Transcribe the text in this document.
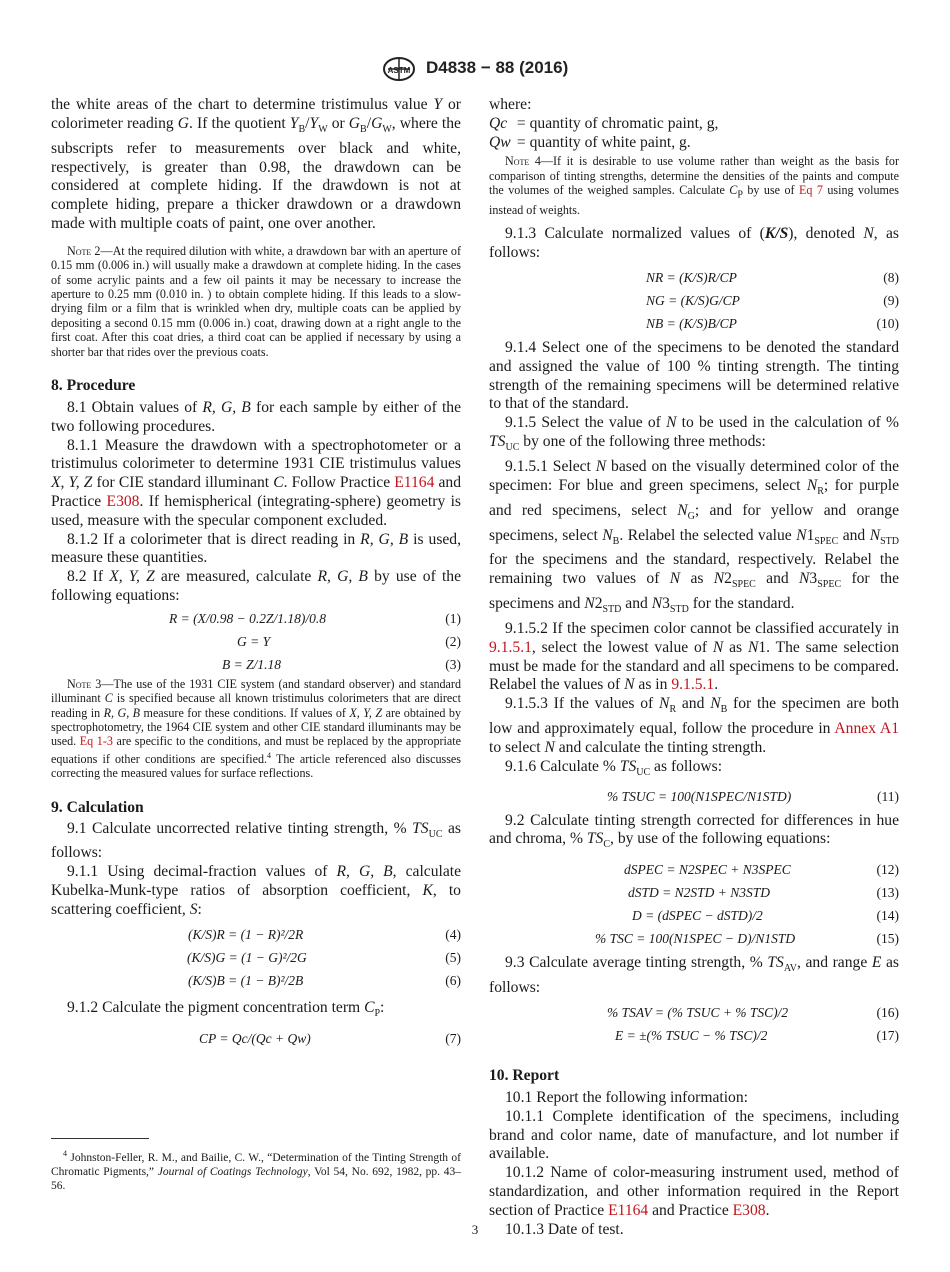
ASTM D4838 − 88 (2016)

the white areas of the chart to determine tristimulus value Y or colorimeter reading G. If the quotient $Y_B/Y_W$ or $G_B/G_W$, where the subscripts refer to measurements over black and white, respectively, is greater than 0.98, the drawdown can be considered at complete hiding. If the drawdown is not at complete hiding, prepare a thicker drawdown or a drawdown made with multiple coats of paint, one over another.

Note 2—At the required dilution with white, a drawdown bar with an aperture of 0.15 mm (0.006 in.) will usually make a drawdown at complete hiding. In the cases of some acrylic paints and a few oil paints it may be necessary to increase the aperture to 0.25 mm (0.010 in. ) to obtain complete hiding. If this leads to a slow-drying film or a film that is wrinkled when dry, multiple coats can be applied by depositing a second 0.15 mm (0.006 in.) coat, drawing down at a right angle to the first coat. After this coat dries, a third coat can be applied if necessary by using a shorter bar that rides over the previous coats.
8. Procedure

8.1 Obtain values of R, G, B for each sample by either of the two following procedures.

8.1.1 Measure the drawdown with a spectrophotometer or a tristimulus colorimeter to determine 1931 CIE tristimulus values X, Y, Z for CIE standard illuminant C. Follow Practice E1164 and Practice E308. If hemispherical (integrating-sphere) geometry is used, measure with the specular component excluded.

8.1.2 If a colorimeter that is direct reading in R, G, B is used, measure these quantities.

8.2 If X, Y, Z are measured, calculate R, G, B by use of the following equations:

R = (X/0.98 − 0.2Z/1.18)/0.8	(1)
G = Y	(2)
B = Z/1.18	(3)
Note 3—The use of the 1931 CIE system (and standard observer) and standard illuminant C is specified because all known tristimulus colorimeters that are direct reading in R, G, B measure for these conditions. If values of X, Y, Z are obtained by spectrophotometry, the 1964 CIE system and other CIE standard illuminants may be used. Eq 1-3 are specific to the conditions, and must be replaced by the appropriate equations if other conditions are specified.$^4$ The article referenced also discusses correcting the measured values for surface reflections.
9. Calculation

9.1 Calculate uncorrected relative tinting strength, % $TS_{UC}$ as follows:

9.1.1 Using decimal-fraction values of R, G, B, calculate Kubelka-Munk-type ratios of absorption coefficient, K, to scattering coefficient, S:

(K/S)R = (1 − R)²/2R	(4)
(K/S)G = (1 − G)²/2G	(5)
(K/S)B = (1 − B)²/2B	(6)

9.1.2 Calculate the pigment concentration term $C_P$:

CP = Qc/(Qc + Qw)	(7)
$^4$ Johnston-Feller, R. M., and Bailie, C. W., “Determination of the Tinting Strength of Chromatic Pigments,” Journal of Coatings Technology, Vol 54, No. 692, 1982, pp. 43–56.

where:

Qc = quantity of chromatic paint, g,
Qw = quantity of white paint, g.
Note 4—If it is desirable to use volume rather than weight as the basis for comparison of tinting strengths, determine the densities of the paints and compute the volumes of the weighed samples. Calculate $C_P$ by use of Eq 7 using volumes instead of weights.

9.1.3 Calculate normalized values of (K/S), denoted N, as follows:

NR = (K/S)R/CP	(8)
NG = (K/S)G/CP	(9)
NB = (K/S)B/CP	(10)

9.1.4 Select one of the specimens to be denoted the standard and assigned the value of 100 % tinting strength. The tinting strength of the remaining specimens will be determined relative to that of the standard.

9.1.5 Select the value of N to be used in the calculation of % $TS_{UC}$ by one of the following three methods:

9.1.5.1 Select N based on the visually determined color of the specimen: For blue and green specimens, select $N_R$; for purple and red specimens, select $N_G$; and for yellow and orange specimens, select $N_B$. Relabel the selected value $N1_{SPEC}$ and $N_{STD}$ for the specimens and the standard, respectively. Relabel the remaining two values of N as $N2_{SPEC}$ and $N3_{SPEC}$ for the specimens and $N2_{STD}$ and $N3_{STD}$ for the standard.

9.1.5.2 If the specimen color cannot be classified accurately in 9.1.5.1, select the lowest value of N as N1. The same selection must be made for the standard and all specimens to be compared. Relabel the values of N as in 9.1.5.1.

9.1.5.3 If the values of $N_R$ and $N_B$ for the specimen are both low and approximately equal, follow the procedure in Annex A1 to select N and calculate the tinting strength.

9.1.6 Calculate % $TS_{UC}$ as follows:

% TSUC = 100(N1SPEC/N1STD)	(11)

9.2 Calculate tinting strength corrected for differences in hue and chroma, % $TS_C$, by use of the following equations:

dSPEC = N2SPEC + N3SPEC	(12)
dSTD = N2STD + N3STD	(13)
D = (dSPEC − dSTD)/2	(14)
% TSC = 100(N1SPEC − D)/N1STD	(15)

9.3 Calculate average tinting strength, % $TS_{AV}$, and range E as follows:

% TSAV = (% TSUC + % TSC)/2	(16)
E = ±(% TSUC − % TSC)/2	(17)
10. Report

10.1 Report the following information:

10.1.1 Complete identification of the specimens, including brand and color name, date of manufacture, and lot number if available.

10.1.2 Name of color-measuring instrument used, method of standardization, and other information required in the Report section of Practice E1164 and Practice E308.

10.1.3 Date of test.

3
